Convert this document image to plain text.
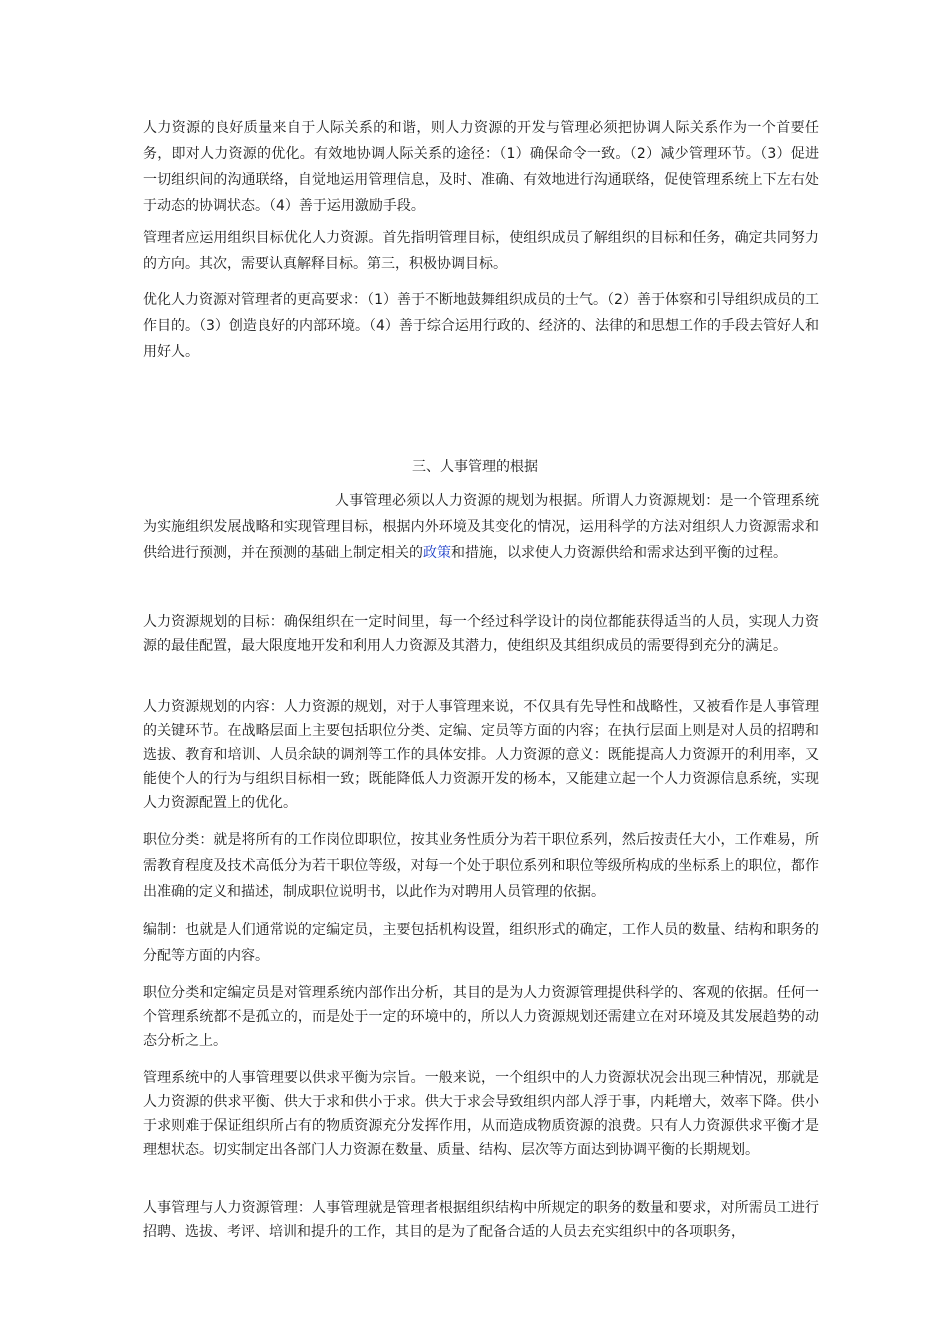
人力资源的良好质量来自于人际关系的和谐，则人力资源的开发与管理必须把协调人际关系作为一个首要任务，即对人力资源的优化。有效地协调人际关系的途径：（1）确保命令一致。（2）减少管理环节。（3）促进一切组织间的沟通联络，自觉地运用管理信息，及时、准确、有效地进行沟通联络，促使管理系统上下左右处于动态的协调状态。（4）善于运用激励手段。

管理者应运用组织目标优化人力资源。首先指明管理目标，使组织成员了解组织的目标和任务，确定共同努力的方向。其次，需要认真解释目标。第三，积极协调目标。

优化人力资源对管理者的更高要求：（1）善于不断地鼓舞组织成员的士气。（2）善于体察和引导组织成员的工作目的。（3）创造良好的内部环境。（4）善于综合运用行政的、经济的、法律的和思想工作的手段去管好人和用好人。

三、人事管理的根据

人事管理必须以人力资源的规划为根据。所谓人力资源规划：是一个管理系统为实施组织发展战略和实现管理目标，根据内外环境及其变化的情况，运用科学的方法对组织人力资源需求和供给进行预测，并在预测的基础上制定相关的政策和措施，以求使人力资源供给和需求达到平衡的过程。

人力资源规划的目标：确保组织在一定时间里，每一个经过科学设计的岗位都能获得适当的人员，实现人力资源的最佳配置，最大限度地开发和利用人力资源及其潜力，使组织及其组织成员的需要得到充分的满足。

人力资源规划的内容：人力资源的规划，对于人事管理来说，不仅具有先导性和战略性，又被看作是人事管理的关键环节。在战略层面上主要包括职位分类、定编、定员等方面的内容；在执行层面上则是对人员的招聘和选拔、教育和培训、人员余缺的调剂等工作的具体安排。人力资源的意义：既能提高人力资源开的利用率，又能使个人的行为与组织目标相一致；既能降低人力资源开发的杨本，又能建立起一个人力资源信息系统，实现人力资源配置上的优化。

职位分类：就是将所有的工作岗位即职位，按其业务性质分为若干职位系列，然后按责任大小，工作难易，所需教育程度及技术高低分为若干职位等级，对每一个处于职位系列和职位等级所构成的坐标系上的职位，都作出准确的定义和描述，制成职位说明书，以此作为对聘用人员管理的依据。

编制：也就是人们通常说的定编定员，主要包括机构设置，组织形式的确定，工作人员的数量、结构和职务的分配等方面的内容。

职位分类和定编定员是对管理系统内部作出分析，其目的是为人力资源管理提供科学的、客观的依据。任何一个管理系统都不是孤立的，而是处于一定的环境中的，所以人力资源规划还需建立在对环境及其发展趋势的动态分析之上。

管理系统中的人事管理要以供求平衡为宗旨。一般来说，一个组织中的人力资源状况会出现三种情况，那就是人力资源的供求平衡、供大于求和供小于求。供大于求会导致组织内部人浮于事，内耗增大，效率下降。供小于求则难于保证组织所占有的物质资源充分发挥作用，从而造成物质资源的浪费。只有人力资源供求平衡才是理想状态。切实制定出各部门人力资源在数量、质量、结构、层次等方面达到协调平衡的长期规划。

人事管理与人力资源管理：人事管理就是管理者根据组织结构中所规定的职务的数量和要求，对所需员工进行招聘、选拔、考评、培训和提升的工作，其目的是为了配备合适的人员去充实组织中的各项职务，
